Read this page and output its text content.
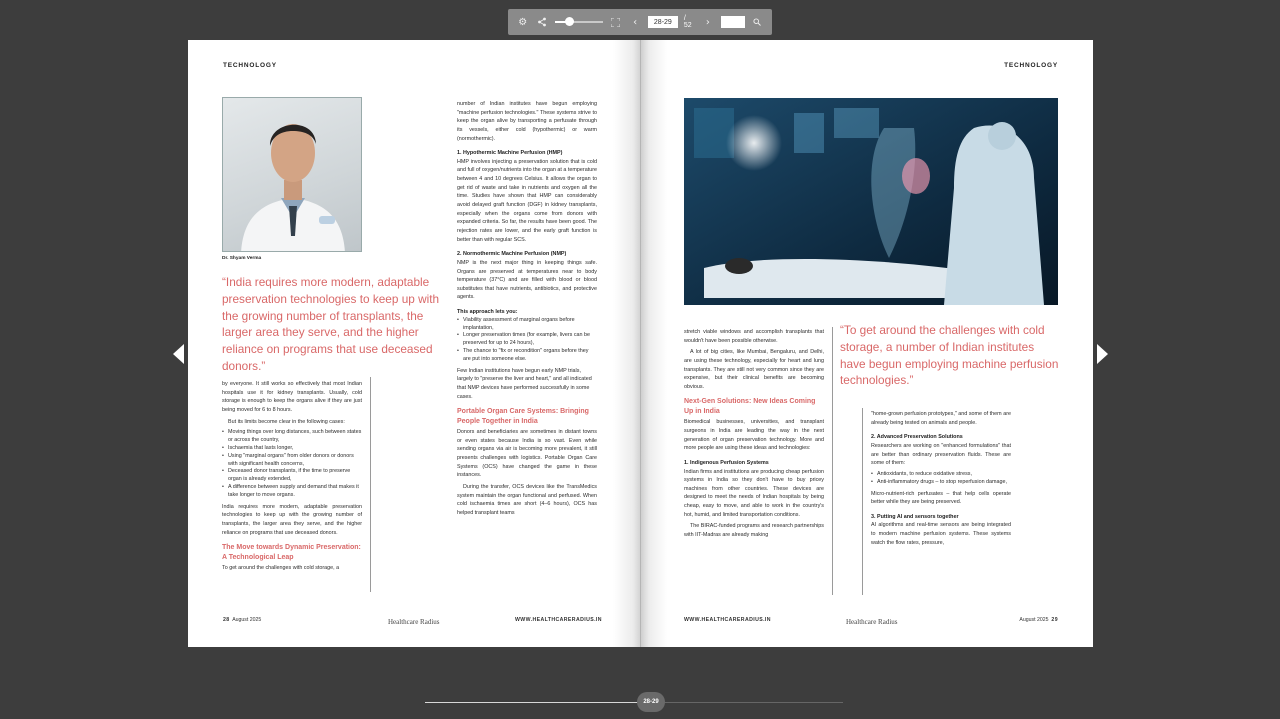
⚙	‹
28-29	/ 52	›
TECHNOLOGY
Dr. Shyam Verma
“India requires more modern, adaptable preservation technologies to keep up with the growing number of transplants, the larger area they serve, and the higher reliance on programs that use deceased donors.”

by everyone. It still works so effectively that most Indian hospitals use it for kidney transplants. Usually, cold storage is enough to keep the organs alive if they are just being moved for 6 to 8 hours.

But its limits become clear in the following cases:

• Moving things over long distances, such between states or across the country,
• Ischaemia that lasts longer,
• Using "marginal organs" from older donors or donors with significant health concerns,
• Deceased donor transplants, if the time to preserve organ is already extended,
• A difference between supply and demand that makes it take longer to move organs.

India requires more modern, adaptable preservation technologies to keep up with the growing number of transplants, the larger area they serve, and the higher reliance on programs that use deceased donors.

The Move towards Dynamic Preservation: A Technological Leap

To get around the challenges with cold storage, a

number of Indian institutes have begun employing "machine perfusion technologies." These systems strive to keep the organ alive by transporting a perfusate through its vessels, either cold (hypothermic) or warm (normothermic).

1. Hypothermic Machine Perfusion (HMP)

HMP involves injecting a preservation solution that is cold and full of oxygen/nutrients into the organ at a temperature between 4 and 10 degrees Celsius. It allows the organ to get rid of waste and take in nutrients and oxygen all the time. Studies have shown that HMP can considerably avoid delayed graft function (DGF) in kidney transplants, especially when the organs come from donors with expanded criteria. So far, the results have been good. The rejection rates are lower, and the early graft function is better than with regular SCS.

2. Normothermic Machine Perfusion (NMP)

NMP is the next major thing in keeping things safe. Organs are preserved at temperatures near to body temperature (37°C) and are filled with blood or blood substitutes that have nutrients, antibiotics, and protective agents.

This approach lets you:
• Viability assessment of marginal organs before implantation,
• Longer preservation times (for example, livers can be preserved for up to 24 hours),
• The chance to "fix or recondition" organs before they are put into someone else.

Few Indian institutions have begun early NMP trials, largely to "preserve the liver and heart," and all indicated that NMP devices have performed successfully in some cases.

Portable Organ Care Systems: Bringing People Together in India

Donors and beneficiaries are sometimes in distant towns or even states because India is so vast. Even while sending organs via air is becoming more prevalent, it still presents challenges with logistics. Portable Organ Care Systems (OCS) have changed the game in these instances.

During the transfer, OCS devices like the TransMedics system maintain the organ functional and perfused. When cold ischaemia times are short (4–6 hours), OCS has helped transplant teams

28 August 2025	Healthcare Radius	WWW.HEALTHCARERADIUS.IN
TECHNOLOGY

stretch viable windows and accomplish transplants that wouldn't have been possible otherwise.

A lot of big cities, like Mumbai, Bengaluru, and Delhi, are using these technology, especially for heart and lung transplants. They are still not very common since they are expensive, but their clinical benefits are becoming obvious.

Next-Gen Solutions: New Ideas Coming Up in India

Biomedical businesses, universities, and transplant surgeons in India are leading the way in the next generation of organ preservation technology. More and more people are using these ideas and technologies:

1. Indigenous Perfusion Systems

Indian firms and institutions are producing cheap perfusion systems in India so they don't have to buy pricey machines from other countries. These devices are designed to meet the needs of Indian hospitals by being cheap, easy to move, and able to work in the country's hot, humid, and limited transportation conditions.

The BIRAC-funded programs and research partnerships with IIT-Madras are already making

“To get around the challenges with cold storage, a number of Indian institutes have begun employing machine perfusion technologies.”

"home-grown perfusion prototypes," and some of them are already being tested on animals and people.

2. Advanced Preservation Solutions

Researchers are working on "enhanced formulations" that are better than ordinary preservation fluids. These are some of them:

• Antioxidants, to reduce oxidative stress,
• Anti-inflammatory drugs – to stop reperfusion damage,

Micro-nutrient-rich perfusates – that help cells operate better while they are being preserved.

3. Putting AI and sensors together

AI algorithms and real-time sensors are being integrated to modern machine perfusion systems. These systems watch the flow rates, pressure,

WWW.HEALTHCARERADIUS.IN	Healthcare Radius	August 2025 29
28-29
